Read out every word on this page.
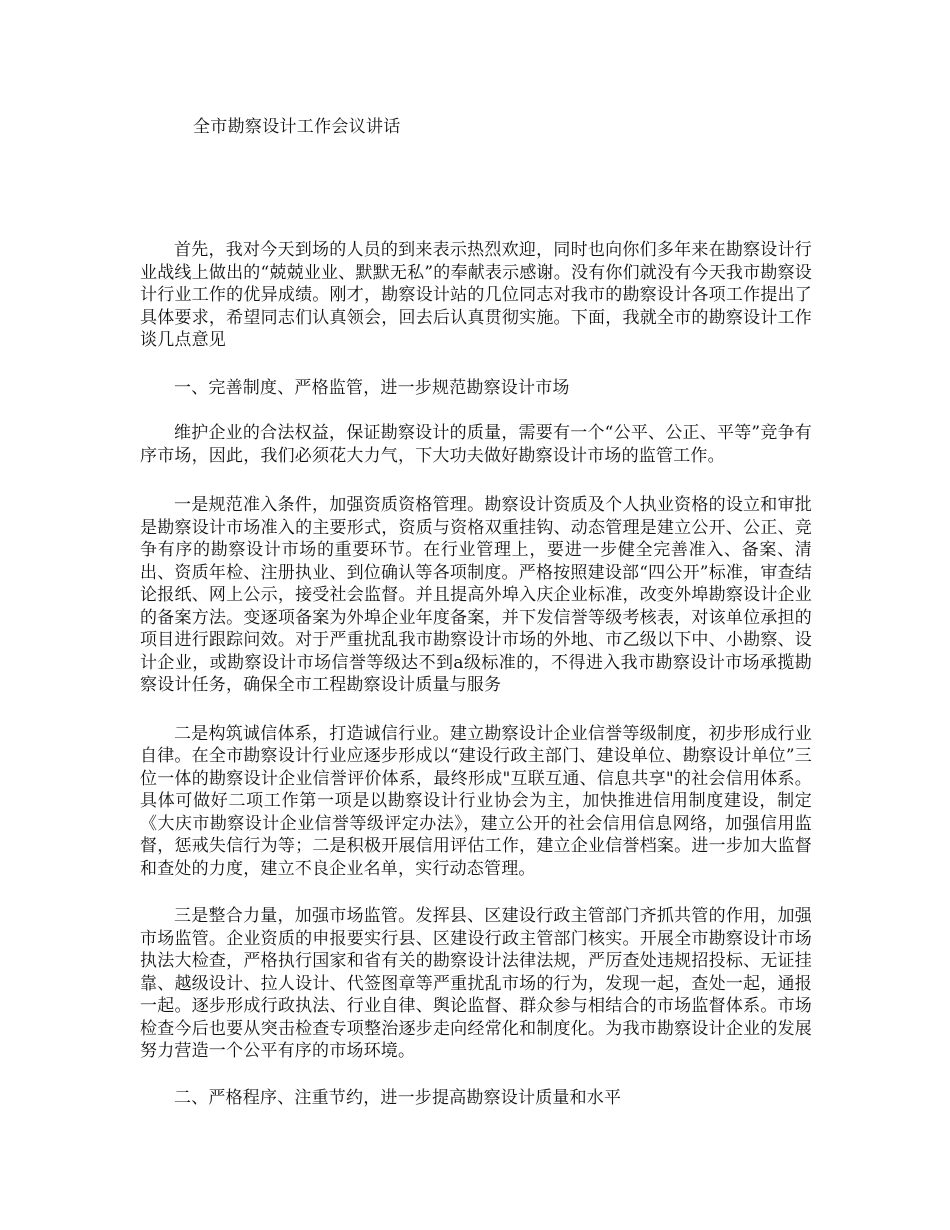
全市勘察设计工作会议讲话

首先，我对今天到场的人员的到来表示热烈欢迎，同时也向你们多年来在勘察设计行业战线上做出的“兢兢业业、默默无私”的奉献表示感谢。没有你们就没有今天我市勘察设计行业工作的优异成绩。刚才，勘察设计站的几位同志对我市的勘察设计各项工作提出了具体要求，希望同志们认真领会，回去后认真贯彻实施。下面，我就全市的勘察设计工作谈几点意见

一、完善制度、严格监管，进一步规范勘察设计市场

维护企业的合法权益，保证勘察设计的质量，需要有一个“公平、公正、平等”竞争有序市场，因此，我们必须花大力气，下大功夫做好勘察设计市场的监管工作。

一是规范准入条件，加强资质资格管理。勘察设计资质及个人执业资格的设立和审批是勘察设计市场准入的主要形式，资质与资格双重挂钩、动态管理是建立公开、公正、竞争有序的勘察设计市场的重要环节。在行业管理上，要进一步健全完善准入、备案、清出、资质年检、注册执业、到位确认等各项制度。严格按照建设部“四公开”标准，审查结论报纸、网上公示，接受社会监督。并且提高外埠入庆企业标准，改变外埠勘察设计企业的备案方法。变逐项备案为外埠企业年度备案，并下发信誉等级考核表，对该单位承担的项目进行跟踪问效。对于严重扰乱我市勘察设计市场的外地、市乙级以下中、小勘察、设计企业，或勘察设计市场信誉等级达不到a级标准的，不得进入我市勘察设计市场承揽勘察设计任务，确保全市工程勘察设计质量与服务

二是构筑诚信体系，打造诚信行业。建立勘察设计企业信誉等级制度，初步形成行业自律。在全市勘察设计行业应逐步形成以“建设行政主部门、建设单位、勘察设计单位”三位一体的勘察设计企业信誉评价体系，最终形成"互联互通、信息共享"的社会信用体系。具体可做好二项工作第一项是以勘察设计行业协会为主，加快推进信用制度建设，制定《大庆市勘察设计企业信誉等级评定办法》，建立公开的社会信用信息网络，加强信用监督，惩戒失信行为等；二是积极开展信用评估工作，建立企业信誉档案。进一步加大监督和查处的力度，建立不良企业名单，实行动态管理。

三是整合力量，加强市场监管。发挥县、区建设行政主管部门齐抓共管的作用，加强市场监管。企业资质的申报要实行县、区建设行政主管部门核实。开展全市勘察设计市场执法大检查，严格执行国家和省有关的勘察设计法律法规，严厉查处违规招投标、无证挂靠、越级设计、拉人设计、代签图章等严重扰乱市场的行为，发现一起，查处一起，通报一起。逐步形成行政执法、行业自律、舆论监督、群众参与相结合的市场监督体系。市场检查今后也要从突击检查专项整治逐步走向经常化和制度化。为我市勘察设计企业的发展努力营造一个公平有序的市场环境。

二、严格程序、注重节约，进一步提高勘察设计质量和水平
